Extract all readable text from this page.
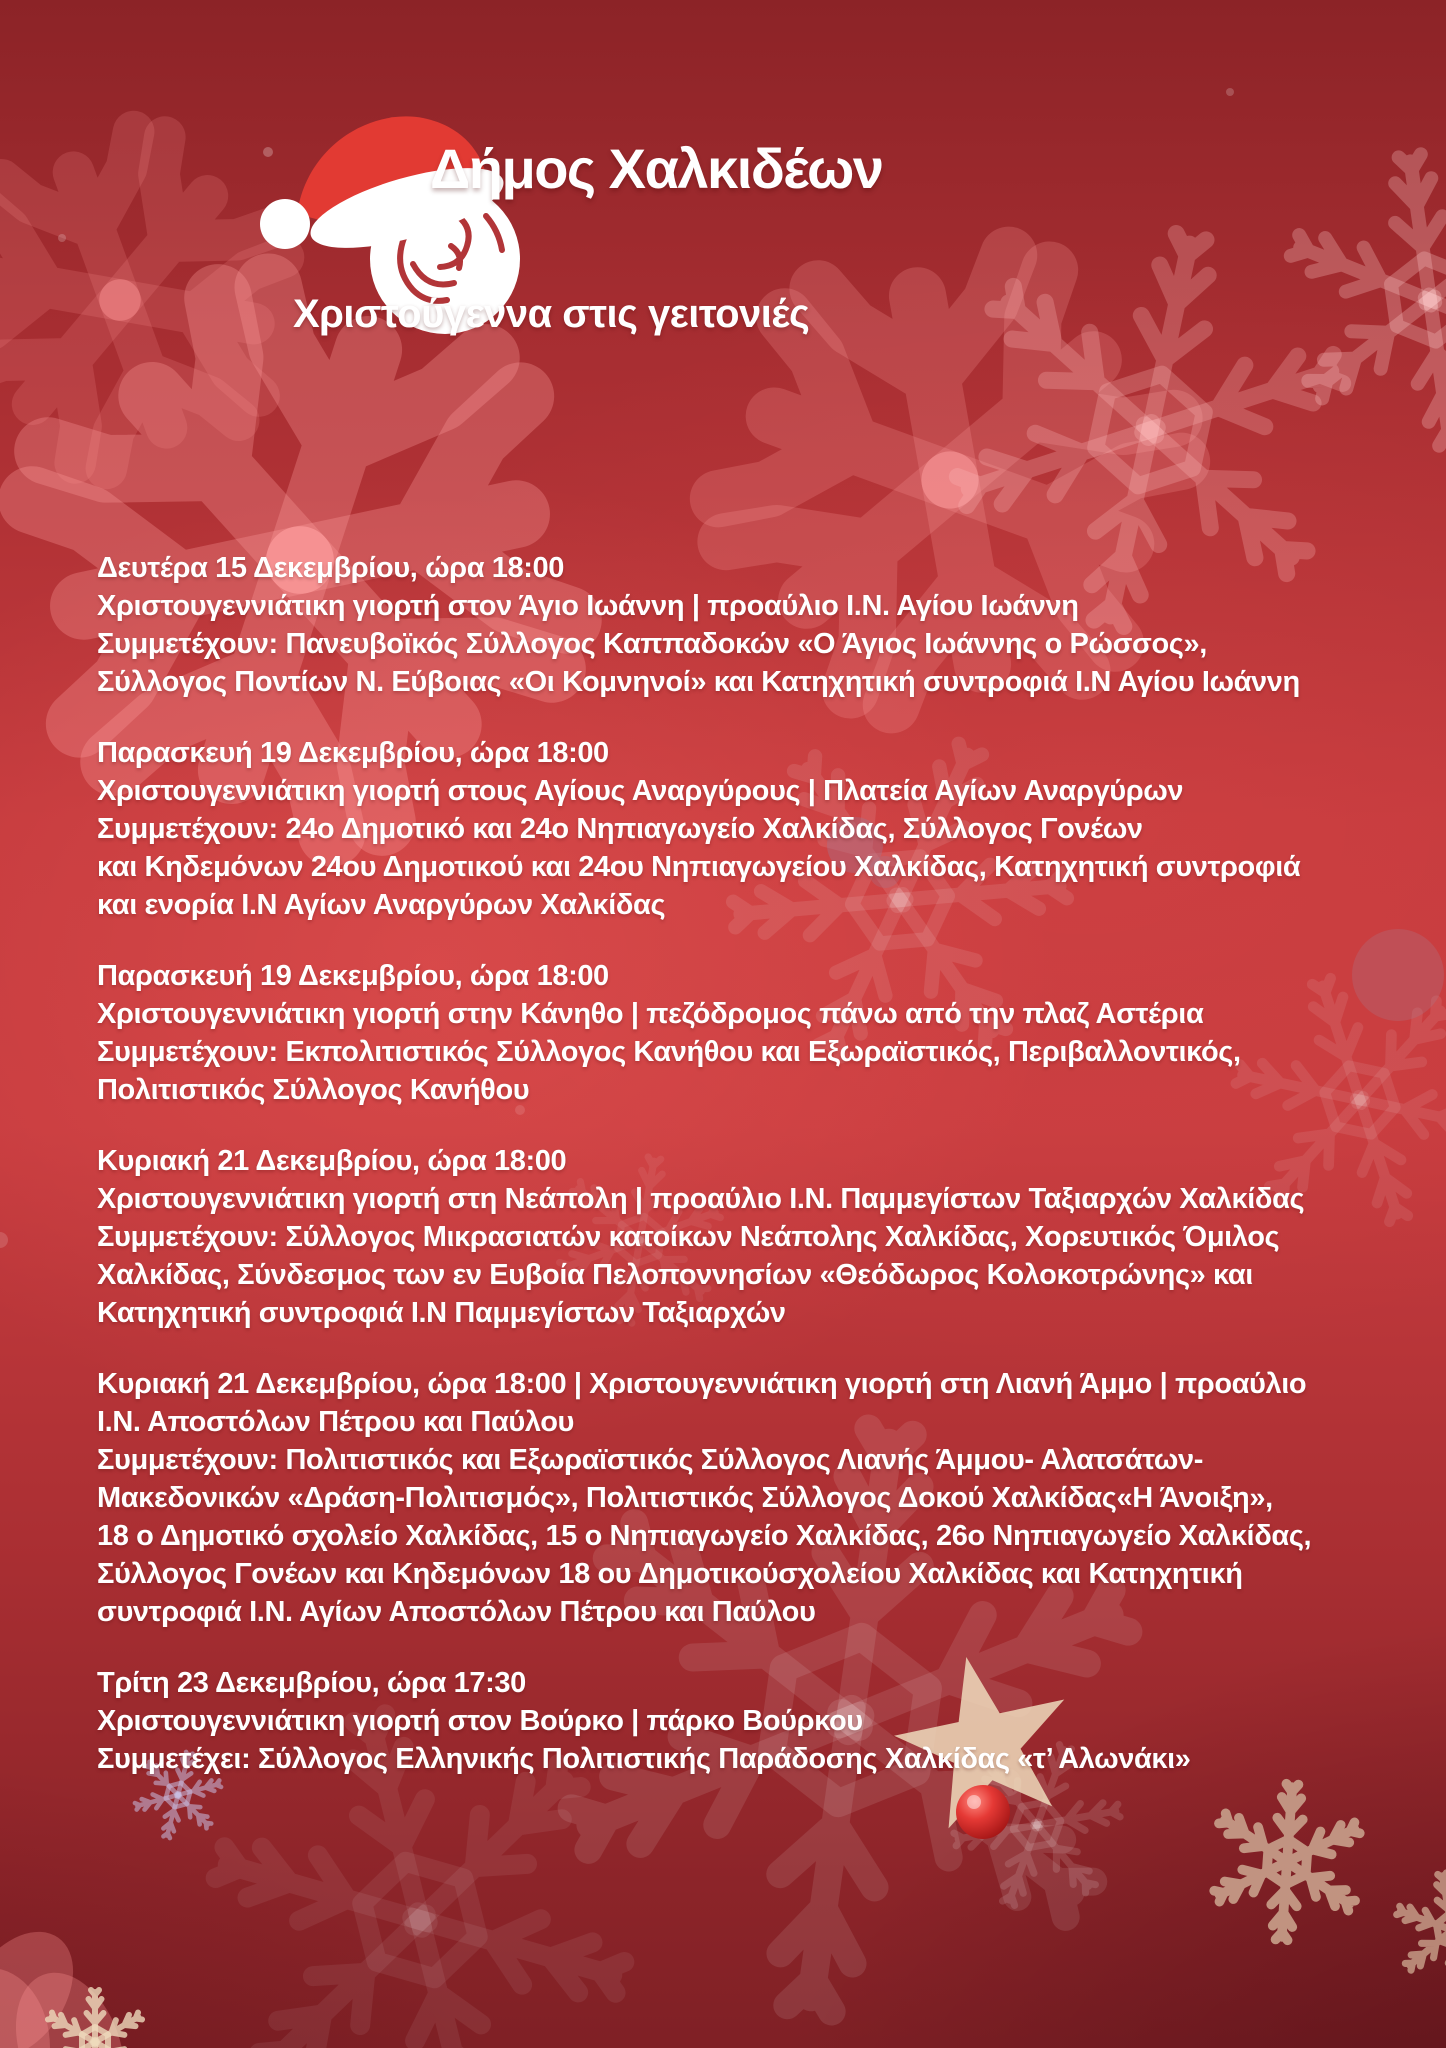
Δήμος Χαλκιδέων
Χριστούγεννα στις γειτονιές

Δευτέρα 15 Δεκεμβρίου, ώρα 18:00

Χριστουγεννιάτικη γιορτή στον Άγιο Ιωάννη | προαύλιο Ι.Ν. Αγίου Ιωάννη

Συμμετέχουν: Πανευβοϊκός Σύλλογος Καππαδοκών «Ο Άγιος Ιωάννης ο Ρώσσος»,

Σύλλογος Ποντίων Ν. Εύβοιας «Οι Κομνηνοί» και Κατηχητική συντροφιά Ι.Ν Αγίου Ιωάννη

Παρασκευή 19 Δεκεμβρίου, ώρα 18:00

Χριστουγεννιάτικη γιορτή στους Αγίους Αναργύρους | Πλατεία Αγίων Αναργύρων

Συμμετέχουν: 24ο Δημοτικό και 24ο Νηπιαγωγείο Χαλκίδας, Σύλλογος Γονέων

και Κηδεμόνων 24ου Δημοτικού και 24ου Νηπιαγωγείου Χαλκίδας, Κατηχητική συντροφιά

και ενορία Ι.Ν Αγίων Αναργύρων Χαλκίδας

Παρασκευή 19 Δεκεμβρίου, ώρα 18:00

Χριστουγεννιάτικη γιορτή στην Κάνηθο | πεζόδρομος πάνω από την πλαζ Αστέρια

Συμμετέχουν: Εκπολιτιστικός Σύλλογος Κανήθου και Εξωραϊστικός, Περιβαλλοντικός,

Πολιτιστικός Σύλλογος Κανήθου

Κυριακή 21 Δεκεμβρίου, ώρα 18:00

Χριστουγεννιάτικη γιορτή στη Νεάπολη | προαύλιο Ι.Ν. Παμμεγίστων Ταξιαρχών Χαλκίδας

Συμμετέχουν: Σύλλογος Μικρασιατών κατοίκων Νεάπολης Χαλκίδας, Χορευτικός Όμιλος

Χαλκίδας, Σύνδεσμος των εν Ευβοία Πελοποννησίων «Θεόδωρος Κολοκοτρώνης» και

Κατηχητική συντροφιά Ι.Ν Παμμεγίστων Ταξιαρχών

Κυριακή 21 Δεκεμβρίου, ώρα 18:00 | Χριστουγεννιάτικη γιορτή στη Λιανή Άμμο | προαύλιο

Ι.Ν. Αποστόλων Πέτρου και Παύλου

Συμμετέχουν: Πολιτιστικός και Εξωραϊστικός Σύλλογος Λιανής Άμμου- Αλατσάτων-

Μακεδονικών «Δράση-Πολιτισμός», Πολιτιστικός Σύλλογος Δοκού Χαλκίδας«Η Άνοιξη»,

18 ο Δημοτικό σχολείο Χαλκίδας, 15 ο Νηπιαγωγείο Χαλκίδας, 26ο Νηπιαγωγείο Χαλκίδας,

Σύλλογος Γονέων και Κηδεμόνων 18 ου Δημοτικούσχολείου Χαλκίδας και Κατηχητική

συντροφιά Ι.Ν. Αγίων Αποστόλων Πέτρου και Παύλου

Τρίτη 23 Δεκεμβρίου, ώρα 17:30

Χριστουγεννιάτικη γιορτή στον Βούρκο | πάρκο Βούρκου

Συμμετέχει: Σύλλογος Ελληνικής Πολιτιστικής Παράδοσης Χαλκίδας «τ’ Αλωνάκι»
